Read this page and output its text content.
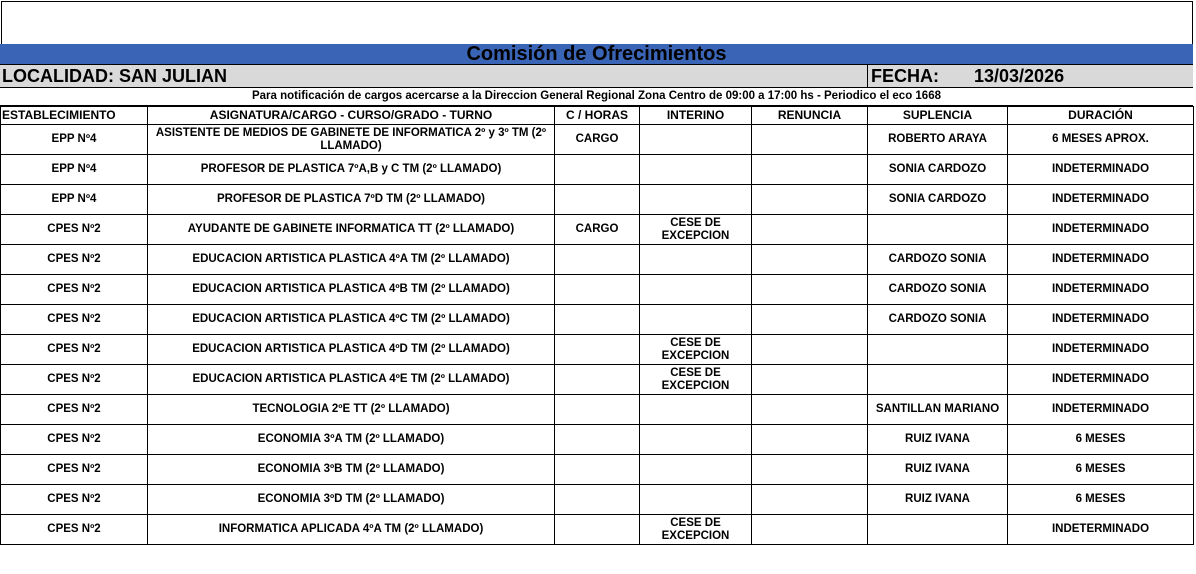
Comisión de Ofrecimientos
LOCALIDAD: SAN JULIAN	FECHA: 13/03/2026
Para notificación de cargos acercarse a la Direccion General Regional Zona Centro de 09:00 a 17:00 hs - Periodico el eco 1668
ESTABLECIMIENTO	ASIGNATURA/CARGO - CURSO/GRADO - TURNO	C / HORAS	INTERINO	RENUNCIA	SUPLENCIA	DURACIÓN
EPP Nº4	ASISTENTE DE MEDIOS DE GABINETE DE INFORMATICA 2º y 3º TM (2º LLAMADO)	CARGO			ROBERTO ARAYA	6 MESES APROX.
EPP Nº4	PROFESOR DE PLASTICA 7ºA,B y C TM (2º LLAMADO)				SONIA CARDOZO	INDETERMINADO
EPP Nº4	PROFESOR DE PLASTICA 7ºD TM (2º LLAMADO)				SONIA CARDOZO	INDETERMINADO
CPES Nº2	AYUDANTE DE GABINETE INFORMATICA TT (2º LLAMADO)	CARGO	CESE DE EXCEPCION			INDETERMINADO
CPES Nº2	EDUCACION ARTISTICA PLASTICA 4ºA TM (2º LLAMADO)				CARDOZO SONIA	INDETERMINADO
CPES Nº2	EDUCACION ARTISTICA PLASTICA 4ºB TM (2º LLAMADO)				CARDOZO SONIA	INDETERMINADO
CPES Nº2	EDUCACION ARTISTICA PLASTICA 4ºC TM (2º LLAMADO)				CARDOZO SONIA	INDETERMINADO
CPES Nº2	EDUCACION ARTISTICA PLASTICA 4ºD TM (2º LLAMADO)		CESE DE EXCEPCION			INDETERMINADO
CPES Nº2	EDUCACION ARTISTICA PLASTICA 4ºE TM (2º LLAMADO)		CESE DE EXCEPCION			INDETERMINADO
CPES Nº2	TECNOLOGIA 2ºE TT (2º LLAMADO)				SANTILLAN MARIANO	INDETERMINADO
CPES Nº2	ECONOMIA 3ºA TM (2º LLAMADO)				RUIZ IVANA	6 MESES
CPES Nº2	ECONOMIA 3ºB TM (2º LLAMADO)				RUIZ IVANA	6 MESES
CPES Nº2	ECONOMIA 3ºD TM (2º LLAMADO)				RUIZ IVANA	6 MESES
CPES Nº2	INFORMATICA APLICADA 4ºA TM (2º LLAMADO)		CESE DE EXCEPCION			INDETERMINADO
